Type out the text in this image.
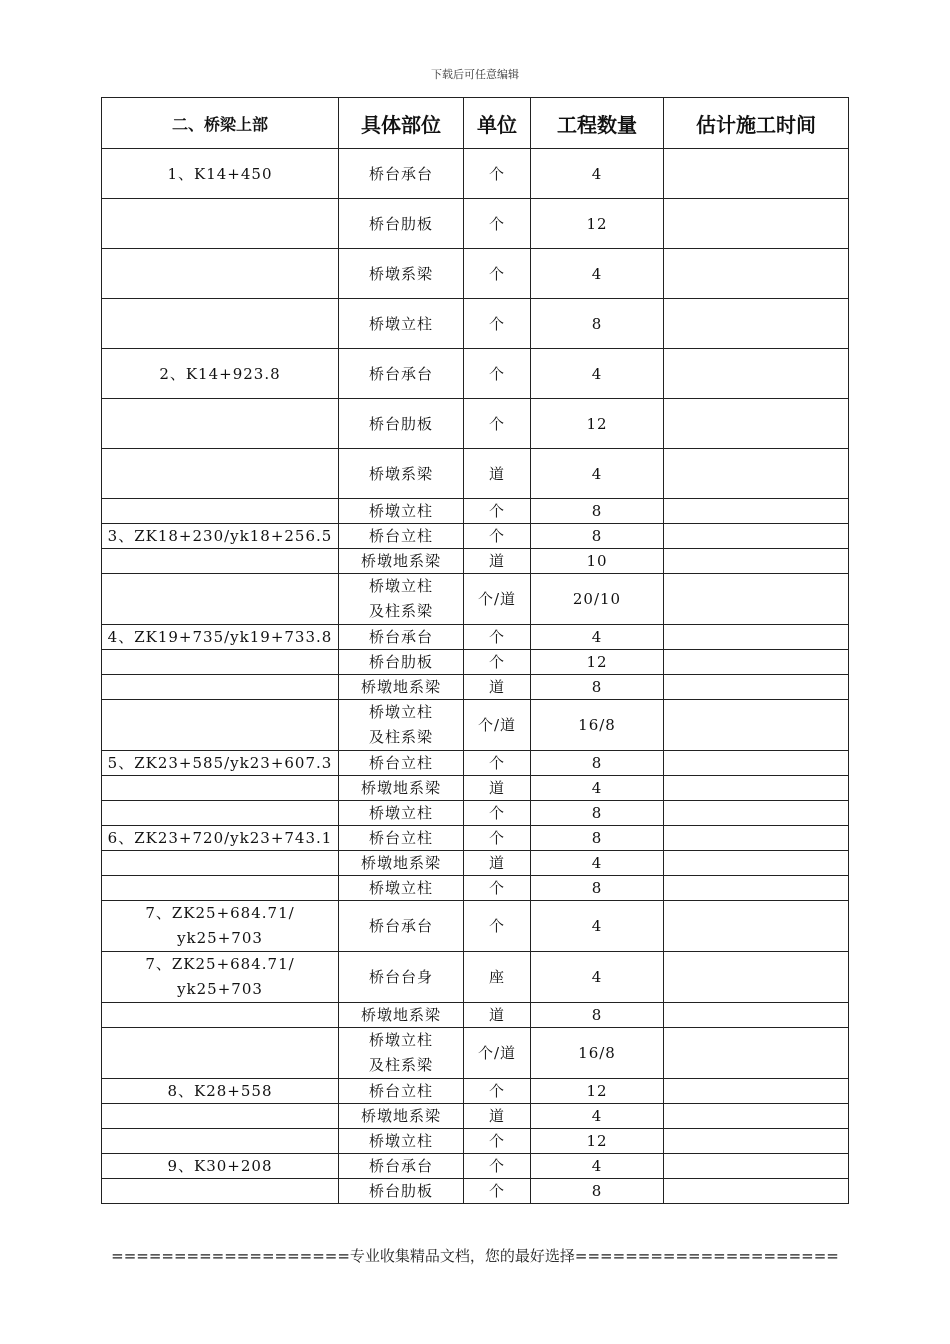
下载后可任意编辑
二、桥梁上部	具体部位	单位	工程数量	估计施工时间

1、K14+450	桥台承台	个	4	

	桥台肋板	个	12	

	桥墩系梁	个	4	

	桥墩立柱	个	8	

2、K14+923.8	桥台承台	个	4	

	桥台肋板	个	12	

	桥墩系梁	道	4	

	桥墩立柱	个	8	

3、ZK18+230/yk18+256.5	桥台立柱	个	8	

	桥墩地系梁	道	10	

	桥墩立柱
及柱系梁	个/道	20/10	

4、ZK19+735/yk19+733.8	桥台承台	个	4	

	桥台肋板	个	12	

	桥墩地系梁	道	8	

	桥墩立柱
及柱系梁	个/道	16/8	

5、ZK23+585/yk23+607.3	桥台立柱	个	8	

	桥墩地系梁	道	4	

	桥墩立柱	个	8	

6、ZK23+720/yk23+743.1	桥台立柱	个	8	

	桥墩地系梁	道	4	

	桥墩立柱	个	8	

7、ZK25+684.71/
yk25+703	桥台承台	个	4	

7、ZK25+684.71/
yk25+703	桥台台身	座	4	

	桥墩地系梁	道	8	

	桥墩立柱
及柱系梁	个/道	16/8	

8、K28+558	桥台立柱	个	12	

	桥墩地系梁	道	4	

	桥墩立柱	个	12	

9、K30+208	桥台承台	个	4	

	桥台肋板	个	8	

===================专业收集精品文档，您的最好选择=====================
